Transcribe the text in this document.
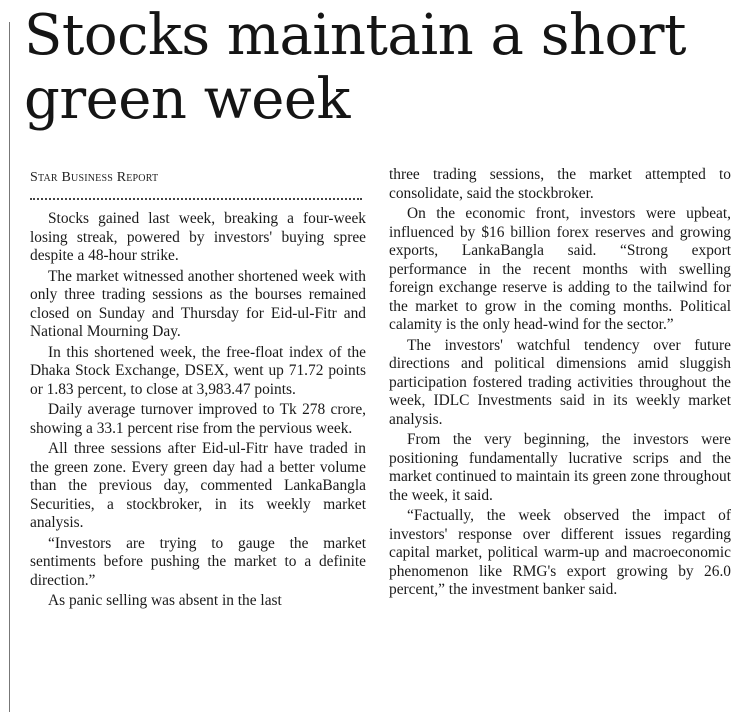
Stocks maintain a short green week
Star Business Report

Stocks gained last week, breaking a four-week losing streak, powered by investors' buying spree despite a 48-hour strike.

The market witnessed another shortened week with only three trading sessions as the bourses remained closed on Sunday and Thursday for Eid-ul-Fitr and National Mourning Day.

In this shortened week, the free-float index of the Dhaka Stock Exchange, DSEX, went up 71.72 points or 1.83 percent, to close at 3,983.47 points.

Daily average turnover improved to Tk 278 crore, showing a 33.1 percent rise from the pervious week.

All three sessions after Eid-ul-Fitr have traded in the green zone. Every green day had a better volume than the previous day, commented LankaBangla Securities, a stockbroker, in its weekly market analysis.

“Investors are trying to gauge the market sentiments before pushing the market to a definite direction.”

As panic selling was absent in the last

three trading sessions, the market attempted to consolidate, said the stockbroker.

On the economic front, investors were upbeat, influenced by $16 billion forex reserves and growing exports, LankaBangla said. “Strong export performance in the recent months with swelling foreign exchange reserve is adding to the tailwind for the market to grow in the coming months. Political calamity is the only head-wind for the sector.”

The investors' watchful tendency over future directions and political dimensions amid sluggish participation fostered trading activities throughout the week, IDLC Investments said in its weekly market analysis.

From the very beginning, the investors were positioning fundamentally lucrative scrips and the market continued to maintain its green zone throughout the week, it said.

“Factually, the week observed the impact of investors' response over different issues regarding capital market, political warm-up and macroeconomic phenomenon like RMG's export growing by 26.0 percent,” the investment banker said.
